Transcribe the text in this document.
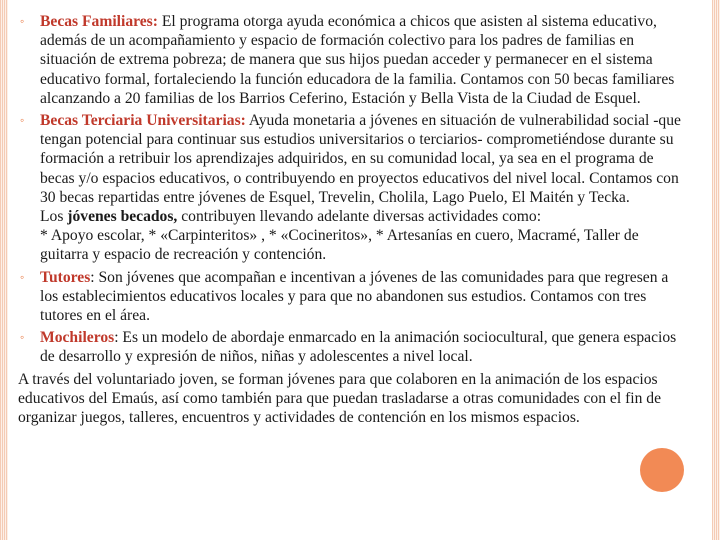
◦ Becas Familiares: El programa otorga ayuda económica a chicos que asisten al sistema educativo, además de un acompañamiento y espacio de formación colectivo para los padres de familias en situación de extrema pobreza; de manera que sus hijos puedan acceder y permanecer en el sistema educativo formal, fortaleciendo la función educadora de la familia. Contamos con 50 becas familiares alcanzando a 20 familias de los Barrios Ceferino, Estación y Bella Vista de la Ciudad de Esquel.
◦ Becas Terciaria Universitarias: Ayuda monetaria a jóvenes en situación de vulnerabilidad social -que tengan potencial para continuar sus estudios universitarios o terciarios- comprometiéndose durante su formación a retribuir los aprendizajes adquiridos, en su comunidad local, ya sea en el programa de becas y/o espacios educativos, o contribuyendo en proyectos educativos del nivel local. Contamos con 30 becas repartidas entre jóvenes de Esquel, Trevelin, Cholila, Lago Puelo, El Maitén y Tecka.
Los jóvenes becados, contribuyen llevando adelante diversas actividades como:
* Apoyo escolar, * «Carpinteritos» , * «Cocineritos», * Artesanías en cuero, Macramé, Taller de guitarra y espacio de recreación y contención.
◦ Tutores: Son jóvenes que acompañan e incentivan a jóvenes de las comunidades para que regresen a los establecimientos educativos locales y para que no abandonen sus estudios. Contamos con tres tutores en el área.
◦ Mochileros: Es un modelo de abordaje enmarcado en la animación sociocultural, que genera espacios de desarrollo y expresión de niños, niñas y adolescentes a nivel local.
A través del voluntariado joven, se forman jóvenes para que colaboren en la animación de los espacios educativos del Emaús, así como también para que puedan trasladarse a otras comunidades con el fin de organizar juegos, talleres, encuentros y actividades de contención en los mismos espacios.
